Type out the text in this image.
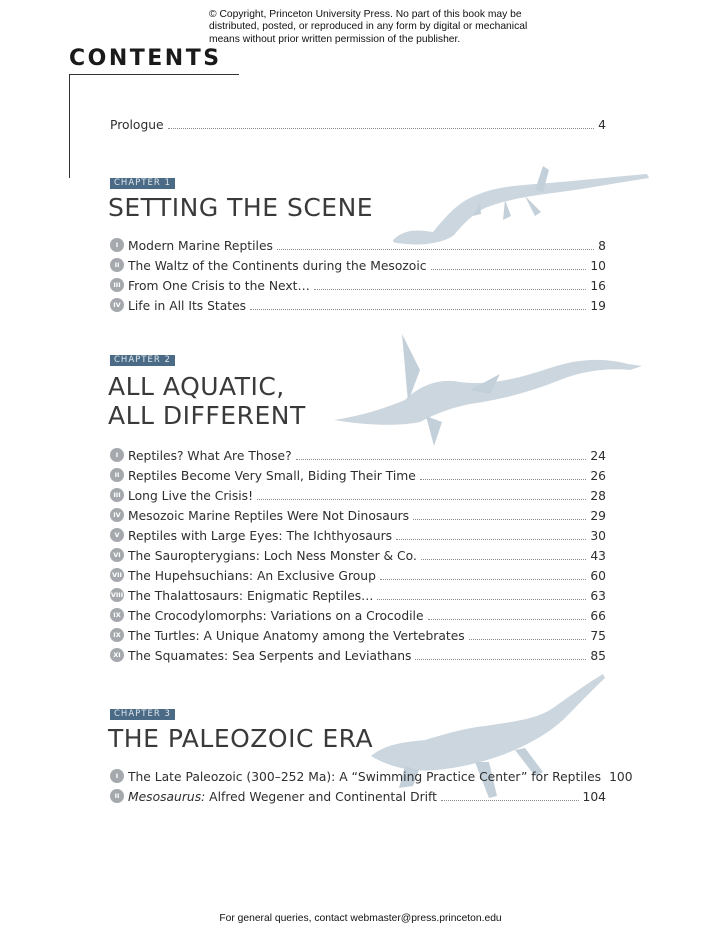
© Copyright, Princeton University Press. No part of this book may be distributed, posted, or reproduced in any form by digital or mechanical means without prior written permission of the publisher.
CONTENTS
Prologue	4
CHAPTER 1
SETTING THE SCENE
I Modern Marine Reptiles	8
II The Waltz of the Continents during the Mesozoic	10
III From One Crisis to the Next…	16
IV Life in All Its States	19
CHAPTER 2
ALL AQUATIC,
ALL DIFFERENT
I Reptiles? What Are Those?	24
II Reptiles Become Very Small, Biding Their Time	26
III Long Live the Crisis!	28
IV Mesozoic Marine Reptiles Were Not Dinosaurs	29
V Reptiles with Large Eyes: The Ichthyosaurs	30
VI The Sauropterygians: Loch Ness Monster & Co.	43
VII The Hupehsuchians: An Exclusive Group	60
VIII The Thalattosaurs: Enigmatic Reptiles…	63
IX The Crocodylomorphs: Variations on a Crocodile	66
IX The Turtles: A Unique Anatomy among the Vertebrates	75
XI The Squamates: Sea Serpents and Leviathans	85
CHAPTER 3
THE PALEOZOIC ERA
I The Late Paleozoic (300–252 Ma): A “Swimming Practice Center” for Reptiles 100
II Mesosaurus: Alfred Wegener and Continental Drift	104
For general queries, contact webmaster@press.princeton.edu
